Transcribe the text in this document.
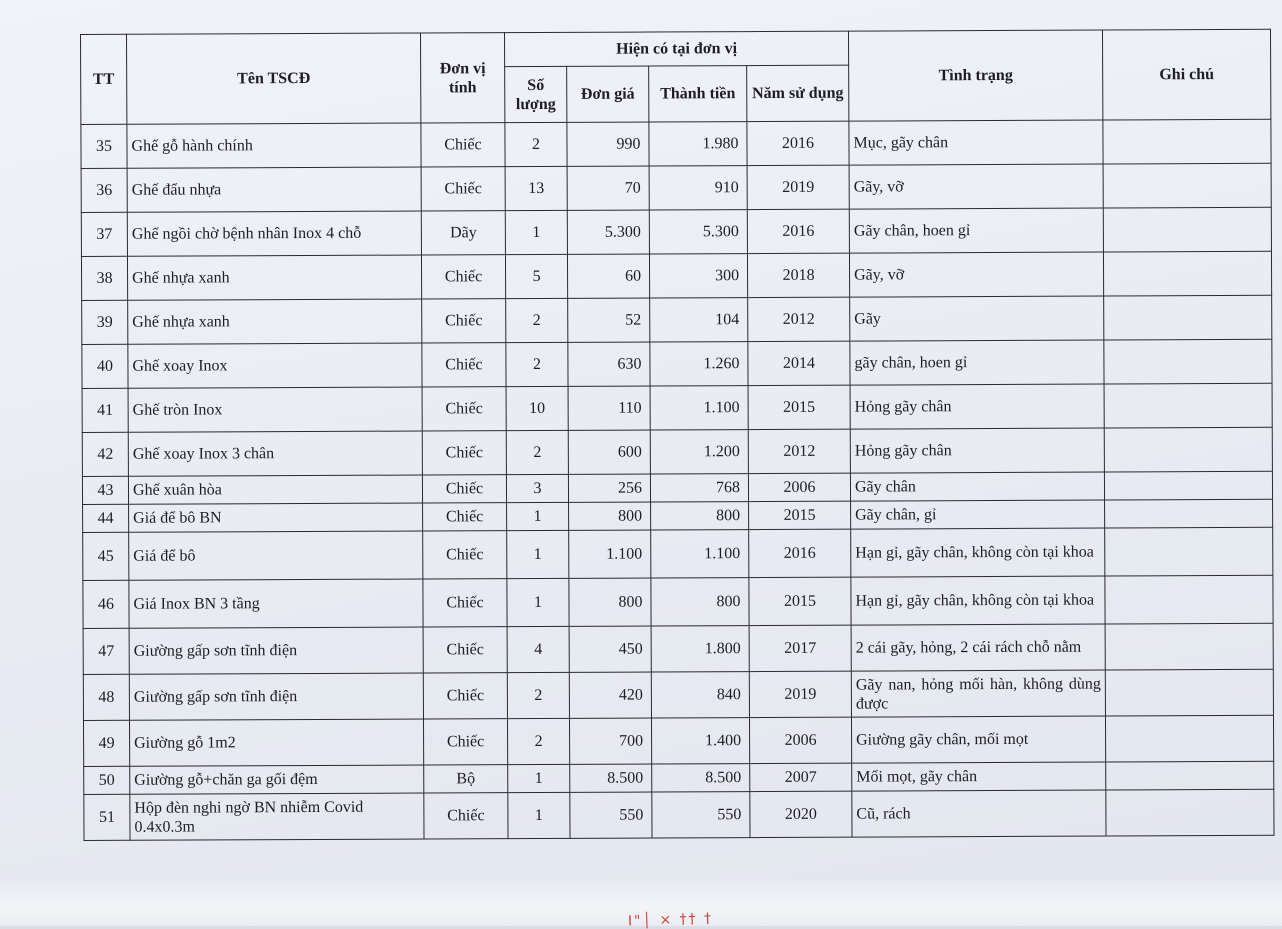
TT	Tên TSCĐ	Đơn vị tính	Hiện có tại đơn vị				Tình trạng	Ghi chú
			Số lượng	Đơn giá	Thành tiền	Năm sử dụng		
35	Ghế gỗ hành chính	Chiếc	2	990	1.980	2016	Mục, gãy chân	
36	Ghế đẩu nhựa	Chiếc	13	70	910	2019	Gãy, vỡ	
37	Ghế ngồi chờ bệnh nhân Inox 4 chỗ	Dãy	1	5.300	5.300	2016	Gãy chân, hoen gỉ	
38	Ghế nhựa xanh	Chiếc	5	60	300	2018	Gãy, vỡ	
39	Ghế nhựa xanh	Chiếc	2	52	104	2012	Gãy	
40	Ghế xoay Inox	Chiếc	2	630	1.260	2014	gãy chân, hoen gỉ	
41	Ghế tròn Inox	Chiếc	10	110	1.100	2015	Hỏng gãy chân	
42	Ghế xoay Inox 3 chân	Chiếc	2	600	1.200	2012	Hỏng gãy chân	
43	Ghế xuân hòa	Chiếc	3	256	768	2006	Gãy chân	
44	Giá để bô BN	Chiếc	1	800	800	2015	Gãy chân, gỉ	
45	Giá để bô	Chiếc	1	1.100	1.100	2016	Hạn gỉ, gãy chân, không còn tại khoa	
46	Giá Inox BN 3 tầng	Chiếc	1	800	800	2015	Hạn gỉ, gãy chân, không còn tại khoa	
47	Giường gấp sơn tĩnh điện	Chiếc	4	450	1.800	2017	2 cái gãy, hỏng, 2 cái rách chỗ nằm	
48	Giường gấp sơn tĩnh điện	Chiếc	2	420	840	2019	Gãy nan, hỏng mối hàn, không dùng được	
49	Giường gỗ 1m2	Chiếc	2	700	1.400	2006	Giường gãy chân, mối mọt	
50	Giường gỗ+chăn ga gối đệm	Bộ	1	8.500	8.500	2007	Mối mọt, gãy chân	
51	Hộp đèn nghi ngờ BN nhiễm Covid 0.4x0.3m	Chiếc	1	550	550	2020	Cũ, rách	
I"│ × †† †
